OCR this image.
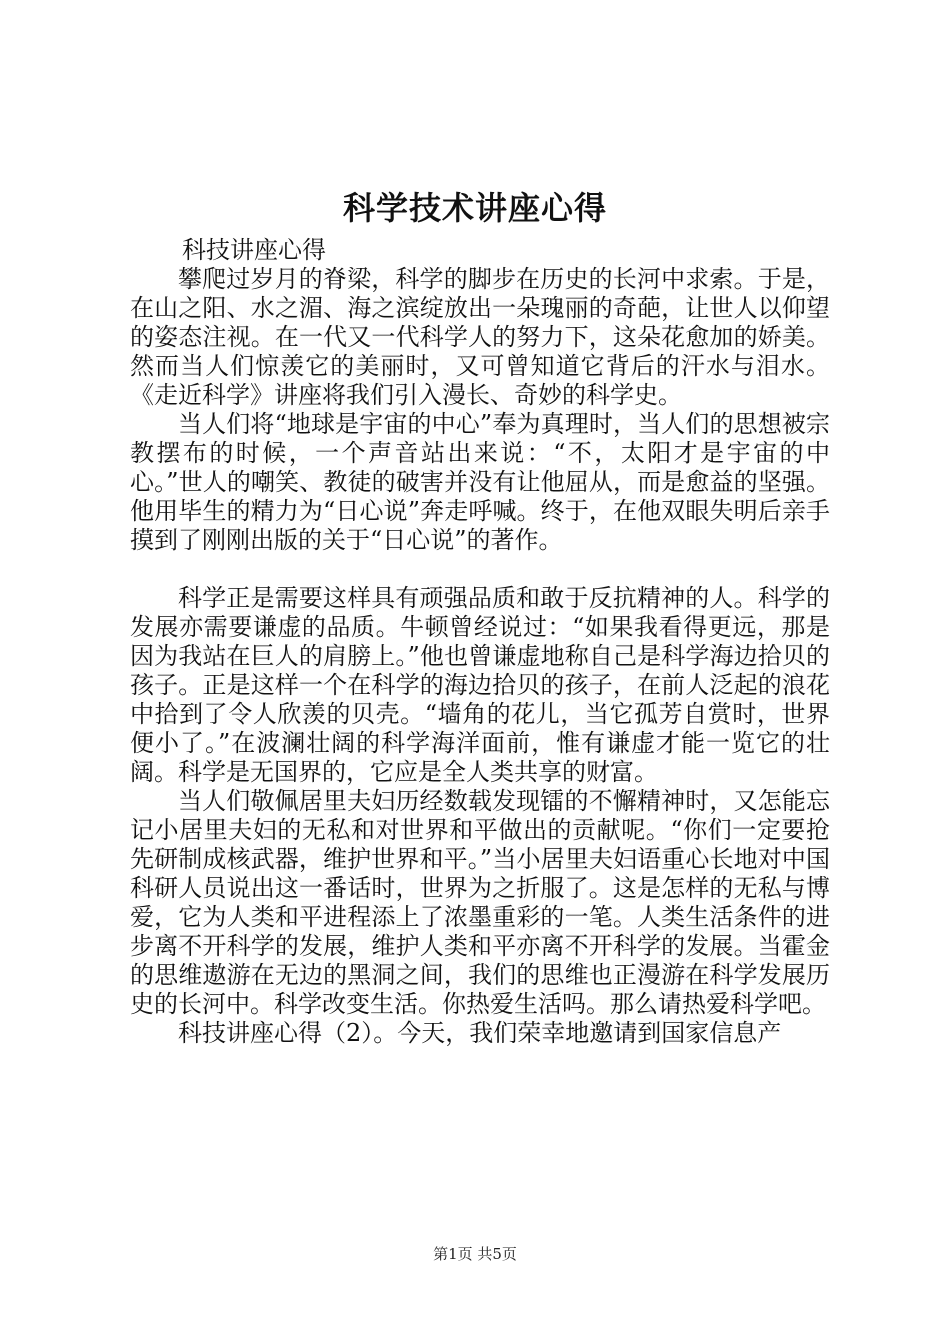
科学技术讲座心得
科技讲座心得

攀爬过岁月的脊梁，科学的脚步在历史的长河中求索。于是，在山之阳、水之湄、海之滨绽放出一朵瑰丽的奇葩，让世人以仰望的姿态注视。在一代又一代科学人的努力下，这朵花愈加的娇美。然而当人们惊羡它的美丽时，又可曾知道它背后的汗水与泪水。《走近科学》讲座将我们引入漫长、奇妙的科学史。

当人们将“地球是宇宙的中心”奉为真理时，当人们的思想被宗教摆布的时候，一个声音站出来说：“不，太阳才是宇宙的中心。”世人的嘲笑、教徒的破害并没有让他屈从，而是愈益的坚强。他用毕生的精力为“日心说”奔走呼喊。终于，在他双眼失明后亲手摸到了刚刚出版的关于“日心说”的著作。

科学正是需要这样具有顽强品质和敢于反抗精神的人。科学的发展亦需要谦虚的品质。牛顿曾经说过：“如果我看得更远，那是因为我站在巨人的肩膀上。”他也曾谦虚地称自己是科学海边拾贝的孩子。正是这样一个在科学的海边拾贝的孩子，在前人泛起的浪花中拾到了令人欣羡的贝壳。“墙角的花儿，当它孤芳自赏时，世界便小了。”在波澜壮阔的科学海洋面前，惟有谦虚才能一览它的壮阔。科学是无国界的，它应是全人类共享的财富。

当人们敬佩居里夫妇历经数载发现镭的不懈精神时，又怎能忘记小居里夫妇的无私和对世界和平做出的贡献呢。“你们一定要抢先研制成核武器，维护世界和平。”当小居里夫妇语重心长地对中国科研人员说出这一番话时，世界为之折服了。这是怎样的无私与博爱，它为人类和平进程添上了浓墨重彩的一笔。人类生活条件的进步离不开科学的发展，维护人类和平亦离不开科学的发展。当霍金的思维遨游在无边的黑洞之间，我们的思维也正漫游在科学发展历史的长河中。科学改变生活。你热爱生活吗。那么请热爱科学吧。

科技讲座心得（2）。今天，我们荣幸地邀请到国家信息产

第1页 共5页
